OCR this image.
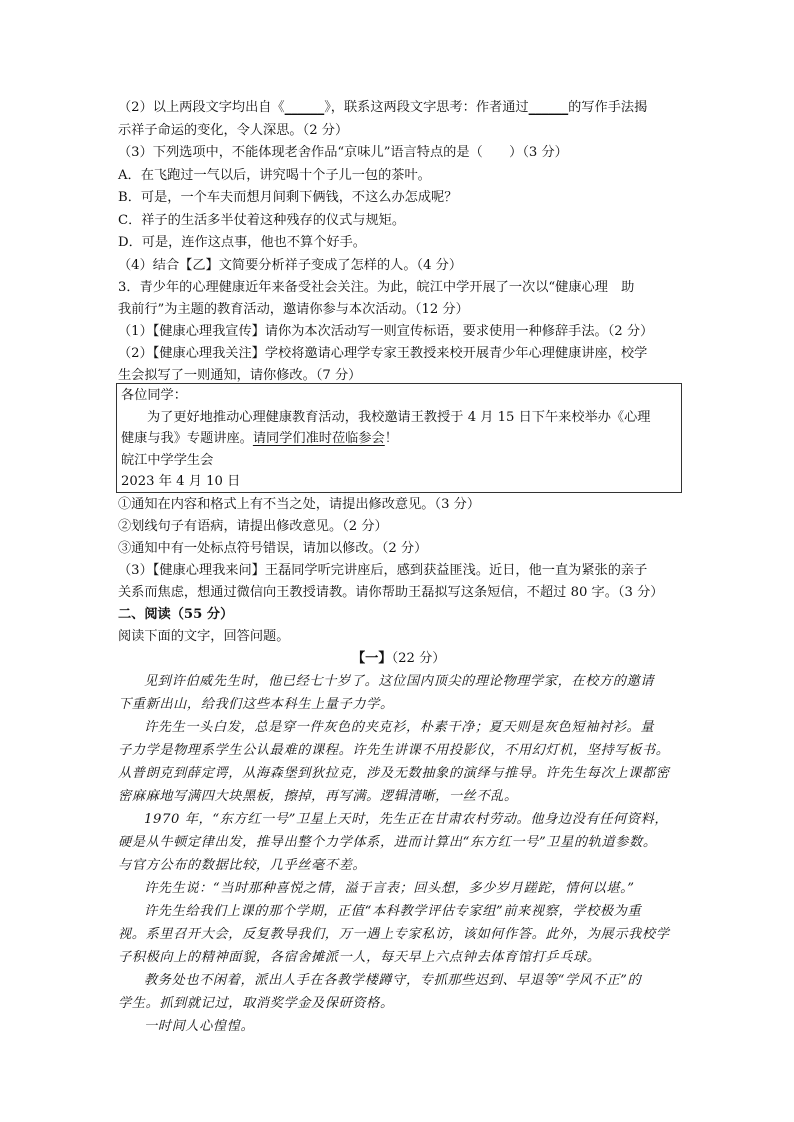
（2）以上两段文字均出自《______》，联系这两段文字思考：作者通过______的写作手法揭
示祥子命运的变化，令人深思。（2 分）
（3）下列选项中，不能体现老舍作品“京味儿”语言特点的是（　　）（3 分）
A．在飞跑过一气以后，讲究喝十个子儿一包的茶叶。
B．可是，一个车夫而想月间剩下俩钱，不这么办怎成呢？
C．祥子的生活多半仗着这种残存的仪式与规矩。
D．可是，连作这点事，他也不算个好手。
（4）结合【乙】文简要分析祥子变成了怎样的人。（4 分）
3．青少年的心理健康近年来备受社会关注。为此，皖江中学开展了一次以“健康心理　助
我前行”为主题的教育活动，邀请你参与本次活动。（12 分）
（1）【健康心理我宣传】请你为本次活动写一则宣传标语，要求使用一种修辞手法。（2 分）
（2）【健康心理我关注】学校将邀请心理学专家王教授来校开展青少年心理健康讲座，校学
生会拟写了一则通知，请你修改。（7 分）
各位同学：
为了更好地推动心理健康教育活动，我校邀请王教授于 4 月 15 日下午来校举办《心理
健康与我》专题讲座。请同学们准时莅临参会！
皖江中学学生会
2023 年 4 月 10 日
①通知在内容和格式上有不当之处，请提出修改意见。（3 分）
②划线句子有语病，请提出修改意见。（2 分）
③通知中有一处标点符号错误，请加以修改。（2 分）
（3）【健康心理我来问】王磊同学听完讲座后，感到获益匪浅。近日，他一直为紧张的亲子
关系而焦虑，想通过微信向王教授请教。请你帮助王磊拟写这条短信，不超过 80 字。（3 分）
二、阅读（55 分）
阅读下面的文字，回答问题。
【一】（22 分）
见到许伯威先生时，他已经七十岁了。这位国内顶尖的理论物理学家，在校方的邀请
下重新出山，给我们这些本科生上量子力学。
许先生一头白发，总是穿一件灰色的夹克衫，朴素干净；夏天则是灰色短袖衬衫。量
子力学是物理系学生公认最难的课程。许先生讲课不用投影仪，不用幻灯机，坚持写板书。
从普朗克到薛定谔，从海森堡到狄拉克，涉及无数抽象的演绎与推导。许先生每次上课都密
密麻麻地写满四大块黑板，擦掉，再写满。逻辑清晰，一丝不乱。
1970 年，“东方红一号”卫星上天时，先生正在甘肃农村劳动。他身边没有任何资料，
硬是从牛顿定律出发，推导出整个力学体系，进而计算出“东方红一号”卫星的轨道参数。
与官方公布的数据比较，几乎丝毫不差。
许先生说：“当时那种喜悦之情，溢于言表；回头想，多少岁月蹉跎，情何以堪。”
许先生给我们上课的那个学期，正值“本科教学评估专家组”前来视察，学校极为重
视。系里召开大会，反复教导我们，万一遇上专家私访，该如何作答。此外，为展示我校学
子积极向上的精神面貌，各宿舍摊派一人，每天早上六点钟去体育馆打乒乓球。
教务处也不闲着，派出人手在各教学楼蹲守，专抓那些迟到、早退等“学风不正”的
学生。抓到就记过，取消奖学金及保研资格。
一时间人心惶惶。
